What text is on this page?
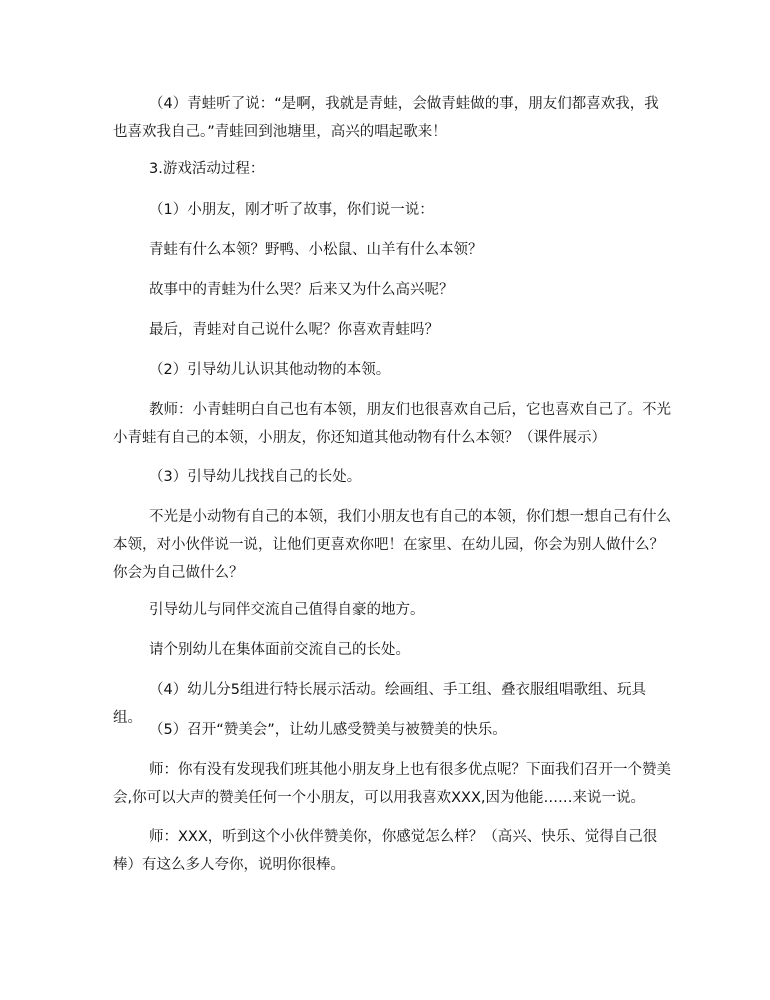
（4）青蛙听了说：“是啊，我就是青蛙，会做青蛙做的事，朋友们都喜欢我，我也喜欢我自己。”青蛙回到池塘里，高兴的唱起歌来！

3.游戏活动过程：

（1）小朋友，刚才听了故事，你们说一说：

青蛙有什么本领？野鸭、小松鼠、山羊有什么本领？

故事中的青蛙为什么哭？后来又为什么高兴呢？

最后，青蛙对自己说什么呢？你喜欢青蛙吗？

（2）引导幼儿认识其他动物的本领。

教师：小青蛙明白自己也有本领，朋友们也很喜欢自己后，它也喜欢自己了。不光小青蛙有自己的本领，小朋友，你还知道其他动物有什么本领？（课件展示）

（3）引导幼儿找找自己的长处。

不光是小动物有自己的本领，我们小朋友也有自己的本领，你们想一想自己有什么本领，对小伙伴说一说，让他们更喜欢你吧！在家里、在幼儿园，你会为别人做什么？你会为自己做什么？

引导幼儿与同伴交流自己值得自豪的地方。

请个别幼儿在集体面前交流自己的长处。

（4）幼儿分5组进行特长展示活动。绘画组、手工组、叠衣服组唱歌组、玩具组。

（5）召开“赞美会”，让幼儿感受赞美与被赞美的快乐。

师：你有没有发现我们班其他小朋友身上也有很多优点呢？下面我们召开一个赞美会,你可以大声的赞美任何一个小朋友，可以用我喜欢XXX,因为他能……来说一说。

师：XXX，听到这个小伙伴赞美你，你感觉怎么样？（高兴、快乐、觉得自己很棒）有这么多人夸你，说明你很棒。
